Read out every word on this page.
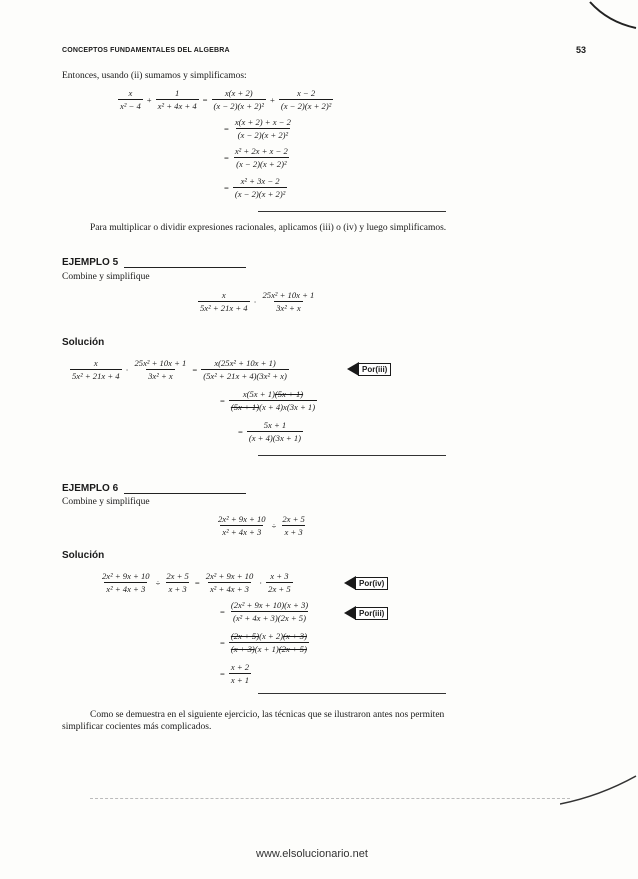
CONCEPTOS FUNDAMENTALES DEL ALGEBRA	53
Entonces, usando (ii) sumamos y simplificamos:
$\frac{x}{\text{x² − 4}} + \frac{1}{\text{x² + 4x + 4}} = \frac{x(x + 2)}{\text{(x − 2)(x + 2)²}} + \frac{x - 2}{\text{(x − 2)(x + 2)²}}$
= $\frac{x(x + 2) + x - 2}{\text{(x − 2)(x + 2)²}}$
= $\frac{\text{x² + 2x + x − 2}}{\text{(x − 2)(x + 2)²}}$
= $\frac{\text{x² + 3x − 2}}{\text{(x − 2)(x + 2)²}}$
Para multiplicar o dividir expresiones racionales, aplicamos (iii) o (iv) y luego simplificamos.
EJEMPLO 5
Combine y simplifique
$\frac{x}{\text{5x² + 21x + 4}} \cdot \frac{\text{25x² + 10x + 1}}{\text{3x² + x}}$
Solución
$\frac{x}{\text{5x² + 21x + 4}} \cdot \frac{\text{25x² + 10x + 1}}{\text{3x² + x}} = \frac{\text{x(25x² + 10x + 1)}}{\text{(5x² + 21x + 4)(3x² + x)}}$	Por(iii)
= $\frac{x(5x + 1)(5x + 1)}{(5x + 1)(x + 4)x(3x + 1)}$
= $\frac{5x + 1}{(x + 4)(3x + 1)}$
EJEMPLO 6
Combine y simplifique
$\frac{\text{2x² + 9x + 10}}{\text{x² + 4x + 3}} \div \frac{2x + 5}{x + 3}$
Solución
$\frac{\text{2x² + 9x + 10}}{\text{x² + 4x + 3}} \div \frac{2x + 5}{x + 3} = \frac{\text{2x² + 9x + 10}}{\text{x² + 4x + 3}} \cdot \frac{x + 3}{2x + 5}$	Por(iv)
= $\frac{\text{(2x² + 9x + 10)(x + 3)}}{\text{(x² + 4x + 3)(2x + 5)}}$	Por(iii)
= $\frac{(2x + 5)(x + 2)(x + 3)}{(x + 3)(x + 1)(2x + 5)}$
= $\frac{x + 2}{x + 1}$
Como se demuestra en el siguiente ejercicio, las técnicas que se ilustraron antes nos permiten simplificar cocientes más complicados.
www.elsolucionario.net
